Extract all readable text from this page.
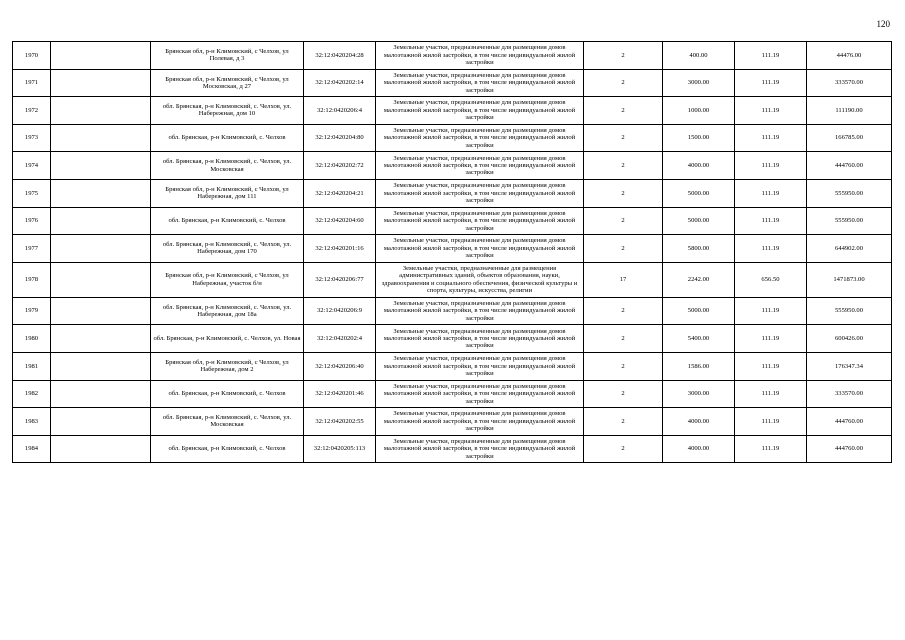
120
1970		Брянская обл, р-н Климовский, с Челхов, ул Полевая, д 3	32:12:0420204:28	Земельные участки, предназначенные для размещения домов малоэтажной жилой застройки, в том числе индивидуальной жилой застройки	2	400.00	111.19	44476.00
1971		Брянская обл, р-н Климовский, с Челхов, ул Московская, д 27	32:12:0420202:14	Земельные участки, предназначенные для размещения домов малоэтажной жилой застройки, в том числе индивидуальной жилой застройки	2	3000.00	111.19	333570.00
1972		обл. Брянская, р-н Климовский, с. Челхов, ул. Набережная, дом 10	32:12:0420206:4	Земельные участки, предназначенные для размещения домов малоэтажной жилой застройки, в том числе индивидуальной жилой застройки	2	1000.00	111.19	111190.00
1973		обл. Брянская, р-н Климовский, с. Челхов	32:12:0420204:80	Земельные участки, предназначенные для размещения домов малоэтажной жилой застройки, в том числе индивидуальной жилой застройки	2	1500.00	111.19	166785.00
1974		обл. Брянская, р-н Климовский, с. Челхов, ул. Московская	32:12:0420202:72	Земельные участки, предназначенные для размещения домов малоэтажной жилой застройки, в том числе индивидуальной жилой застройки	2	4000.00	111.19	444760.00
1975		Брянская обл, р-н Климовский, с Челхов, ул Набережная, дом 111	32:12:0420204:21	Земельные участки, предназначенные для размещения домов малоэтажной жилой застройки, в том числе индивидуальной жилой застройки	2	5000.00	111.19	555950.00
1976		обл. Брянская, р-н Климовский, с. Челхов	32:12:0420204:60	Земельные участки, предназначенные для размещения домов малоэтажной жилой застройки, в том числе индивидуальной жилой застройки	2	5000.00	111.19	555950.00
1977		обл. Брянская, р-н Климовский, с. Челхов, ул. Набережная, дом 170	32:12:0420201:16	Земельные участки, предназначенные для размещения домов малоэтажной жилой застройки, в том числе индивидуальной жилой застройки	2	5800.00	111.19	644902.00
1978		Брянская обл, р-н Климовский, с Челхов, ул Набережная, участок б/н	32:12:0420206:77	Земельные участки, предназначенные для размещения административных зданий, объектов образования, науки, здравоохранения и социального обеспечения, физической культуры и спорта, культуры, искусства, религии	17	2242.00	656.50	1471873.00
1979		обл. Брянская, р-н Климовский, с. Челхов, ул. Набережная, дом 18а	32:12:0420206:9	Земельные участки, предназначенные для размещения домов малоэтажной жилой застройки, в том числе индивидуальной жилой застройки	2	5000.00	111.19	555950.00
1980		обл. Брянская, р-н Климовский, с. Челхов, ул. Новая	32:12:0420202:4	Земельные участки, предназначенные для размещения домов малоэтажной жилой застройки, в том числе индивидуальной жилой застройки	2	5400.00	111.19	600426.00
1981		Брянская обл, р-н Климовский, с Челхов, ул Набережная, дом 2	32:12:0420206:40	Земельные участки, предназначенные для размещения домов малоэтажной жилой застройки, в том числе индивидуальной жилой застройки	2	1586.00	111.19	176347.34
1982		обл. Брянская, р-н Климовский, с. Челхов	32:12:0420201:46	Земельные участки, предназначенные для размещения домов малоэтажной жилой застройки, в том числе индивидуальной жилой застройки	2	3000.00	111.19	333570.00
1983		обл. Брянская, р-н Климовский, с. Челхов, ул. Московская	32:12:0420202:55	Земельные участки, предназначенные для размещения домов малоэтажной жилой застройки, в том числе индивидуальной жилой застройки	2	4000.00	111.19	444760.00
1984		обл. Брянская, р-н Климовский, с. Челхов	32:12:0420205:113	Земельные участки, предназначенные для размещения домов малоэтажной жилой застройки, в том числе индивидуальной жилой застройки	2	4000.00	111.19	444760.00
